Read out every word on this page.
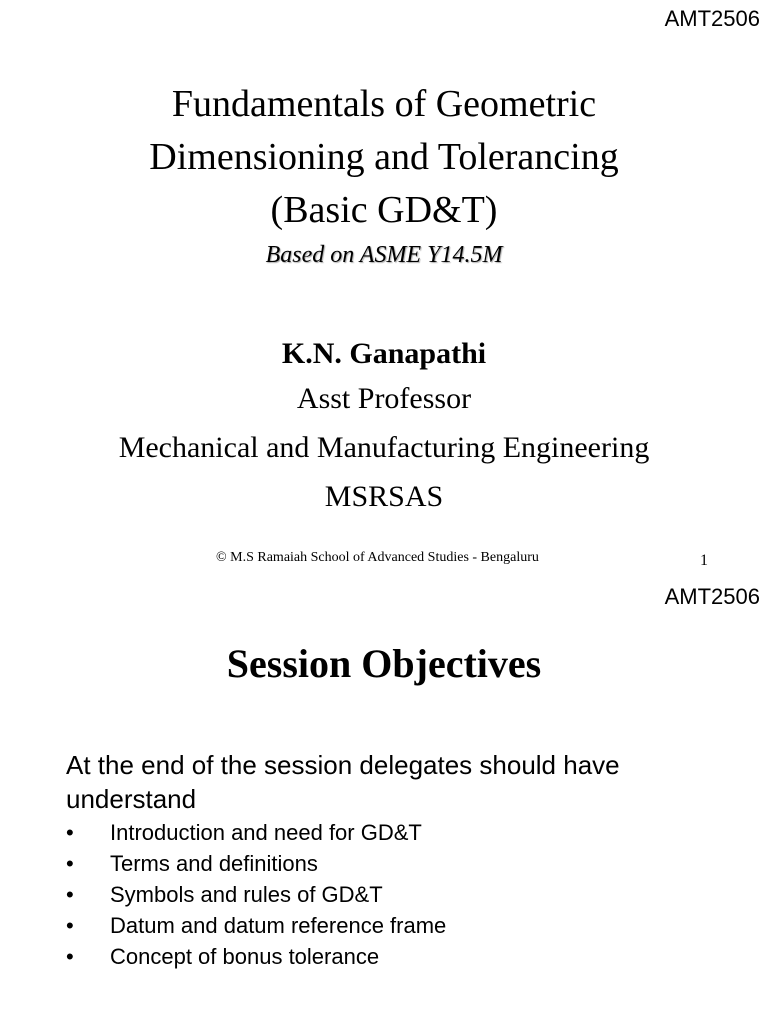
AMT2506
Fundamentals of Geometric
Dimensioning and Tolerancing
(Basic GD&T)
Based on ASME Y14.5M
K.N. Ganapathi
Asst Professor
Mechanical and Manufacturing Engineering
MSRSAS
© M.S Ramaiah School of Advanced Studies - Bengaluru	1
AMT2506
Session Objectives
At the end of the session delegates should have understand
• Introduction and need for GD&T
• Terms and definitions
• Symbols and rules of GD&T
• Datum and datum reference frame
• Concept of bonus tolerance
